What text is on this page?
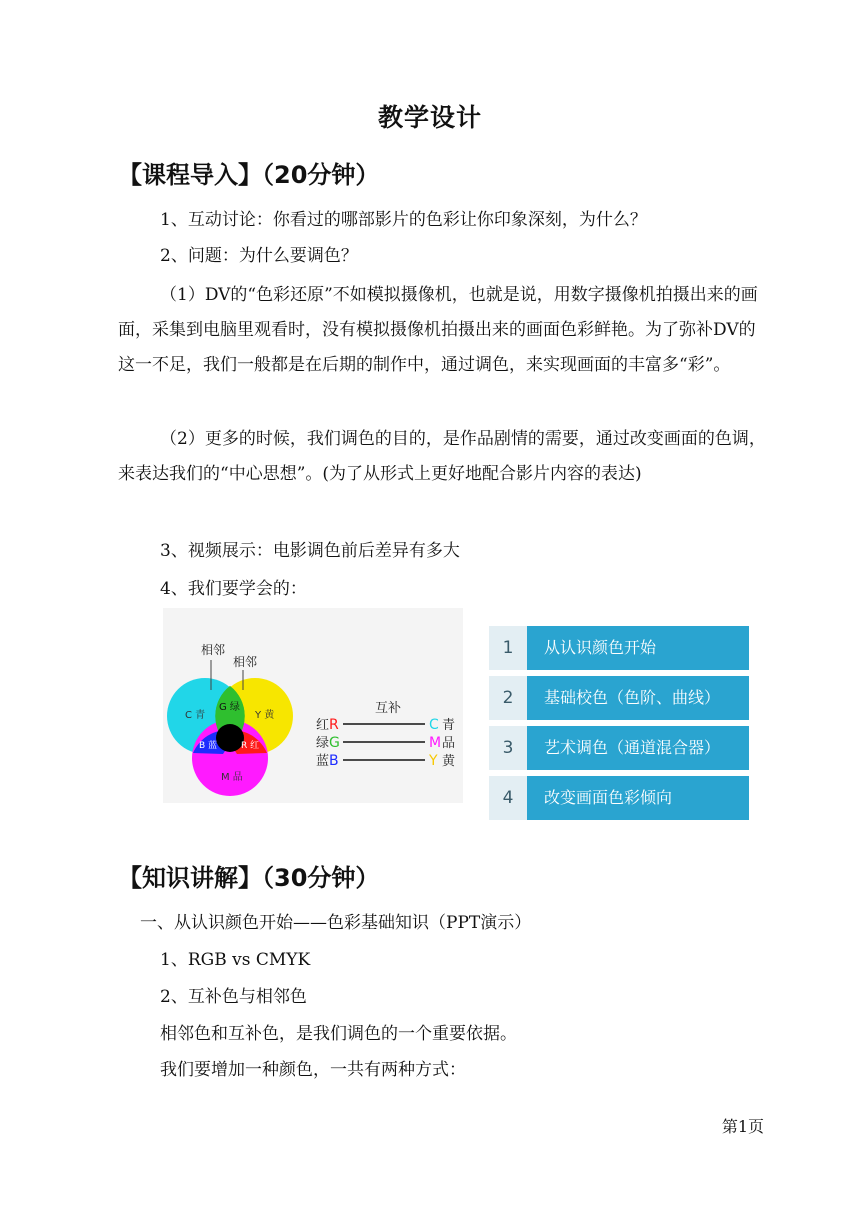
教学设计
【课程导入】（20分钟）
1、互动讨论：你看过的哪部影片的色彩让你印象深刻，为什么？
2、问题：为什么要调色？
（1）DV的“色彩还原”不如模拟摄像机，也就是说，用数字摄像机拍摄出来的画面，采集到电脑里观看时，没有模拟摄像机拍摄出来的画面色彩鲜艳。为了弥补DV的这一不足，我们一般都是在后期的制作中，通过调色，来实现画面的丰富多“彩”。
（2）更多的时候，我们调色的目的，是作品剧情的需要，通过改变画面的色调，来表达我们的“中心思想”。(为了从形式上更好地配合影片内容的表达)
3、视频展示：电影调色前后差异有多大
4、我们要学会的：
相邻
相邻
C 青
G 绿
Y 黄
B 蓝	R 红
M 品
互补
红 R	C 青
绿 G	M 品
蓝 B	Y 黄
1	从认识颜色开始
2	基础校色（色阶、曲线）
3	艺术调色（通道混合器）
4	改变画面色彩倾向
【知识讲解】（30分钟）
一、从认识颜色开始——色彩基础知识（PPT演示）
1、RGB vs CMYK
2、互补色与相邻色
相邻色和互补色，是我们调色的一个重要依据。
我们要增加一种颜色，一共有两种方式：
第1页
